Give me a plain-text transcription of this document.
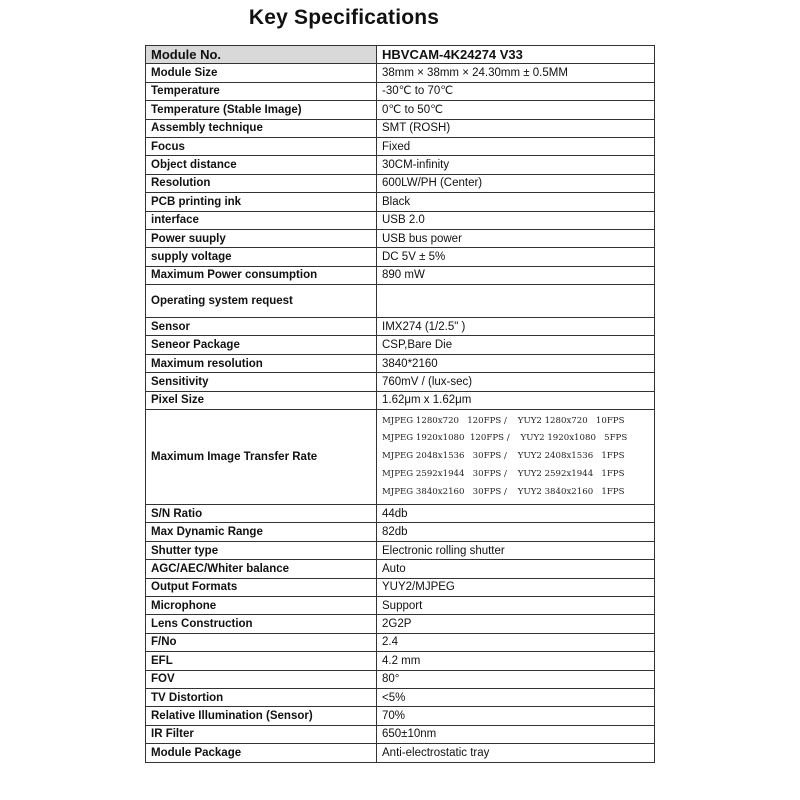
Key Specifications
Module No.	HBVCAM-4K24274 V33
Module Size	38mm × 38mm × 24.30mm ± 0.5MM
Temperature	-30℃ to 70℃
Temperature (Stable Image)	0℃ to 50℃
Assembly technique	SMT (ROSH)
Focus	Fixed
Object distance	30CM-infinity
Resolution	600LW/PH (Center)
PCB printing ink	Black
interface	USB 2.0
Power suuply	USB bus power
supply voltage	DC 5V ± 5%
Maximum Power consumption	890 mW
Operating system request	
Sensor	IMX274 (1/2.5" )
Seneor Package	CSP,Bare Die
Maximum resolution	3840*2160
Sensitivity	760mV / (lux-sec)
Pixel Size	1.62μm x 1.62μm
Maximum Image Transfer Rate	MJPEG 1280x720   120FPS /    YUY2 1280x720   10FPS
MJPEG 1920x1080  120FPS /    YUY2 1920x1080   5FPS
MJPEG 2048x1536   30FPS /    YUY2 2408x1536   1FPS
MJPEG 2592x1944   30FPS /    YUY2 2592x1944   1FPS
MJPEG 3840x2160   30FPS /    YUY2 3840x2160   1FPS

S/N Ratio	44db
Max Dynamic Range	82db
Shutter type	Electronic rolling shutter
AGC/AEC/Whiter balance	Auto
Output Formats	YUY2/MJPEG
Microphone	Support
Lens Construction	2G2P
F/No	2.4
EFL	4.2 mm
FOV	80°
TV Distortion	<5%
Relative Illumination (Sensor)	70%
IR Filter	650±10nm
Module Package	Anti-electrostatic tray
